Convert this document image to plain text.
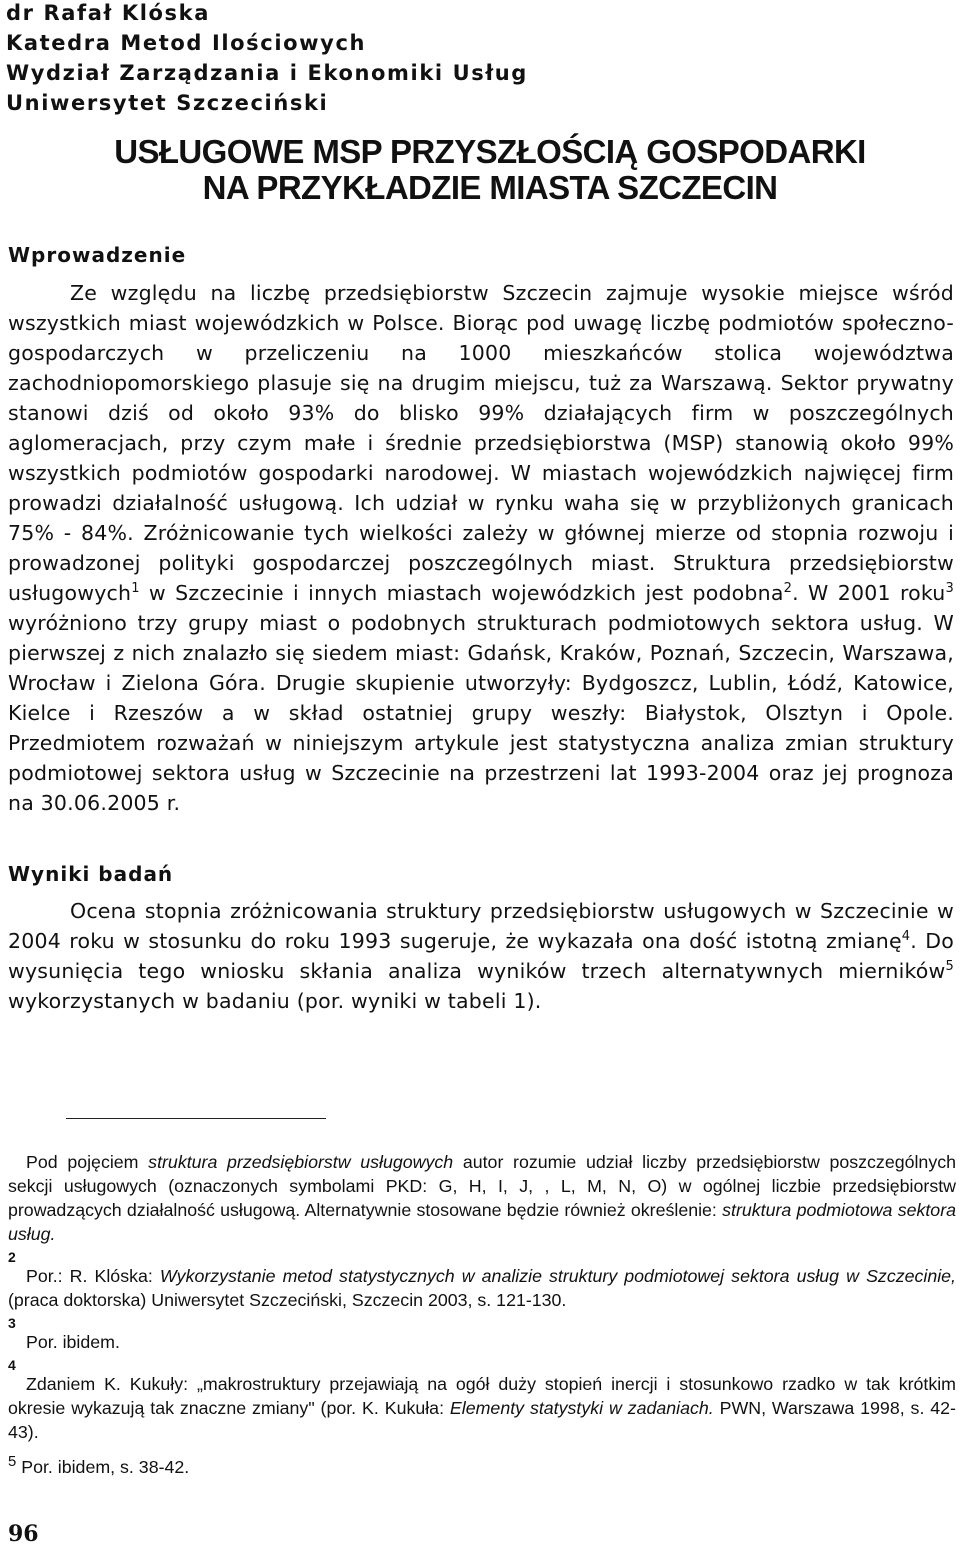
dr Rafał Klóska

Katedra Metod Ilościowych

Wydział Zarządzania i Ekonomiki Usług

Uniwersytet Szczeciński

USŁUGOWE MSP PRZYSZŁOŚCIĄ GOSPODARKI
NA PRZYKŁADZIE MIASTA SZCZECIN
Wprowadzenie

Ze względu na liczbę przedsiębiorstw Szczecin zajmuje wysokie miejsce wśród wszystkich miast wojewódzkich w Polsce. Biorąc pod uwagę liczbę podmiotów społeczno-gospodarczych w przeliczeniu na 1000 mieszkańców stolica województwa zachodniopomorskiego plasuje się na drugim miejscu, tuż za Warszawą. Sektor prywatny stanowi dziś od około 93% do blisko 99% działających firm w poszczególnych aglomeracjach, przy czym małe i średnie przedsiębiorstwa (MSP) stanowią około 99% wszystkich podmiotów gospodarki narodowej. W miastach wojewódzkich najwięcej firm prowadzi działalność usługową. Ich udział w rynku waha się w przybliżonych granicach 75% - 84%. Zróżnicowanie tych wielkości zależy w głównej mierze od stopnia rozwoju i prowadzonej polityki gospodarczej poszczególnych miast. Struktura przedsiębiorstw usługowych$^1$ w Szczecinie i innych miastach wojewódzkich jest podobna$^2$. W 2001 roku$^3$ wyróżniono trzy grupy miast o podobnych strukturach podmiotowych sektora usług. W pierwszej z nich znalazło się siedem miast: Gdańsk, Kraków, Poznań, Szczecin, Warszawa, Wrocław i Zielona Góra. Drugie skupienie utworzyły: Bydgoszcz, Lublin, Łódź, Katowice, Kielce i Rzeszów a w skład ostatniej grupy weszły: Białystok, Olsztyn i Opole. Przedmiotem rozważań w niniejszym artykule jest statystyczna analiza zmian struktury podmiotowej sektora usług w Szczecinie na przestrzeni lat 1993-2004 oraz jej prognoza na 30.06.2005 r.

Wyniki badań

Ocena stopnia zróżnicowania struktury przedsiębiorstw usługowych w Szczecinie w 2004 roku w stosunku do roku 1993 sugeruje, że wykazała ona dość istotną zmianę$^4$. Do wysunięcia tego wniosku skłania analiza wyników trzech alternatywnych mierników$^5$ wykorzystanych w badaniu (por. wyniki w tabeli 1).

Pod pojęciem struktura przedsiębiorstw usługowych autor rozumie udział liczby przedsiębiorstw poszczególnych sekcji usługowych (oznaczonych symbolami PKD: G, H, I, J, , L, M, N, O) w ogólnej liczbie przedsiębiorstw prowadzących działalność usługową. Alternatywnie stosowane będzie również określenie: struktura podmiotowa sektora usług.

2

Por.: R. Klóska: Wykorzystanie metod statystycznych w analizie struktury podmiotowej sektora usług w Szczecinie, (praca doktorska) Uniwersytet Szczeciński, Szczecin 2003, s. 121-130.

3

Por. ibidem.

4

Zdaniem K. Kukuły: „makrostruktury przejawiają na ogół duży stopień inercji i stosunkowo rzadko w tak krótkim okresie wykazują tak znaczne zmiany" (por. K. Kukuła: Elementy statystyki w zadaniach. PWN, Warszawa 1998, s. 42-43).

$^5$ Por. ibidem, s. 38-42.

96
